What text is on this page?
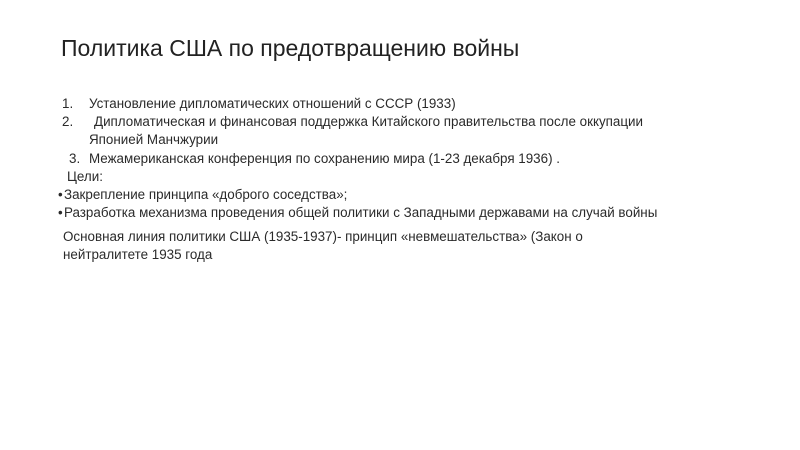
Политика США по предотвращению войны
1. Установление дипломатических отношений с СССР (1933)
2. Дипломатическая и финансовая поддержка Китайского правительства после оккупации
Японией Манчжурии
3. Межамериканская конференция по сохранению мира (1-23 декабря 1936) .
Цели:
• Закрепление принципа «доброго соседства»;
• Разработка механизма проведения общей политики с Западными державами на случай войны
Основная линия политики США (1935-1937)- принцип «невмешательства» (Закон о
нейтралитете 1935 года
